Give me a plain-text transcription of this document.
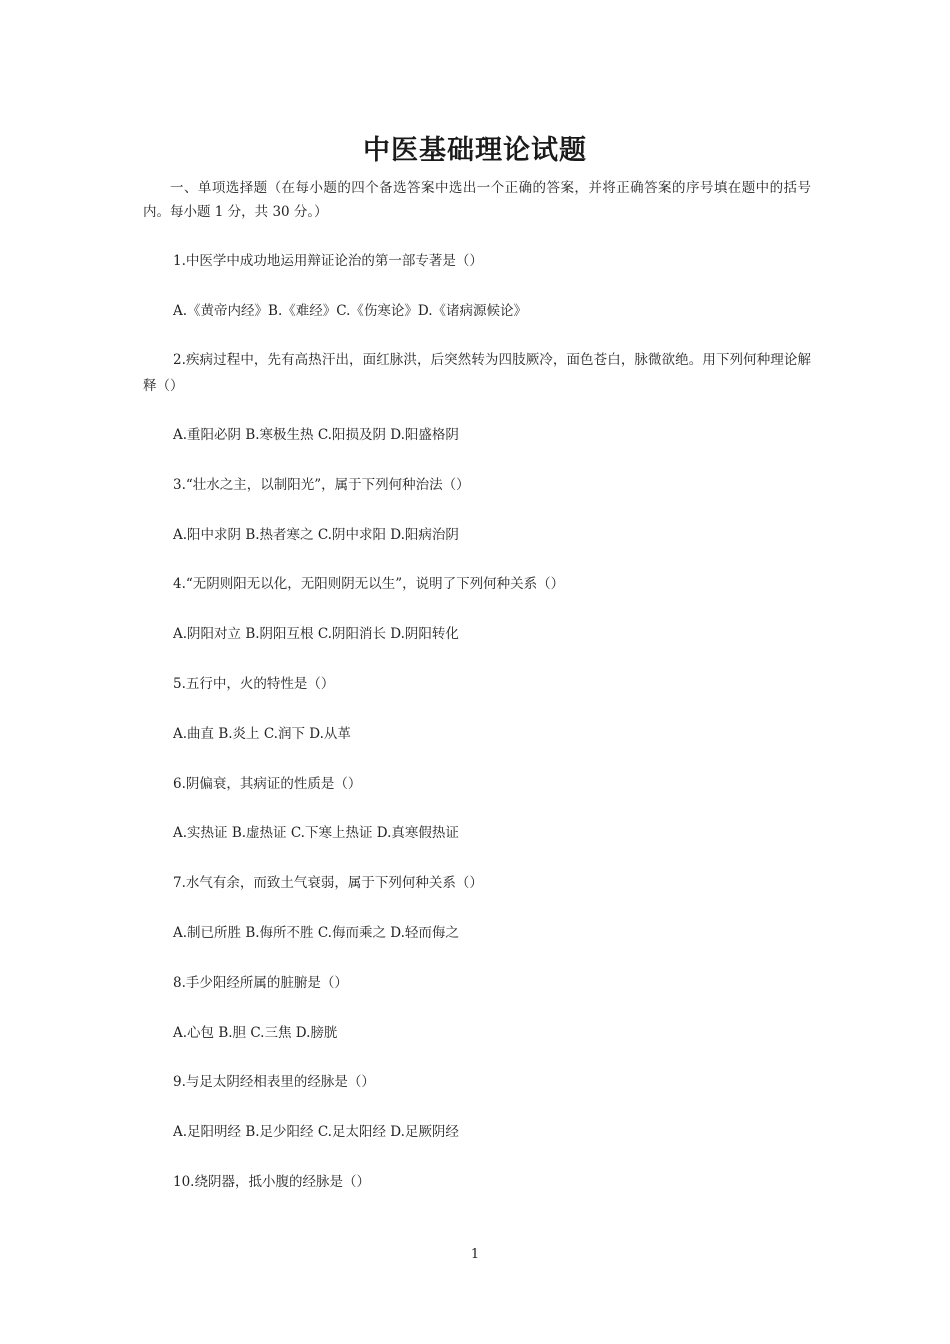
中医基础理论试题
一、单项选择题（在每小题的四个备选答案中选出一个正确的答案，并将正确答案的序号填在题中的括号内。每小题 1 分，共 30 分。）
1.中医学中成功地运用辩证论治的第一部专著是（）
A.《黄帝内经》B.《难经》C.《伤寒论》D.《诸病源候论》
2.疾病过程中，先有高热汗出，面红脉洪，后突然转为四肢厥冷，面色苍白，脉微欲绝。用下列何种理论解释（）
A.重阳必阴 B.寒极生热 C.阳损及阴 D.阳盛格阴
3.“壮水之主，以制阳光”，属于下列何种治法（）
A.阳中求阴 B.热者寒之 C.阴中求阳 D.阳病治阴
4.“无阴则阳无以化，无阳则阴无以生”，说明了下列何种关系（）
A.阴阳对立 B.阴阳互根 C.阴阳消长 D.阴阳转化
5.五行中，火的特性是（）
A.曲直 B.炎上 C.润下 D.从革
6.阴偏衰，其病证的性质是（）
A.实热证 B.虚热证 C.下寒上热证 D.真寒假热证
7.水气有余，而致土气衰弱，属于下列何种关系（）
A.制已所胜 B.侮所不胜 C.侮而乘之 D.轻而侮之
8.手少阳经所属的脏腑是（）
A.心包 B.胆 C.三焦 D.膀胱
9.与足太阴经相表里的经脉是（）
A.足阳明经 B.足少阳经 C.足太阳经 D.足厥阴经
10.绕阴器，抵小腹的经脉是（）
1
